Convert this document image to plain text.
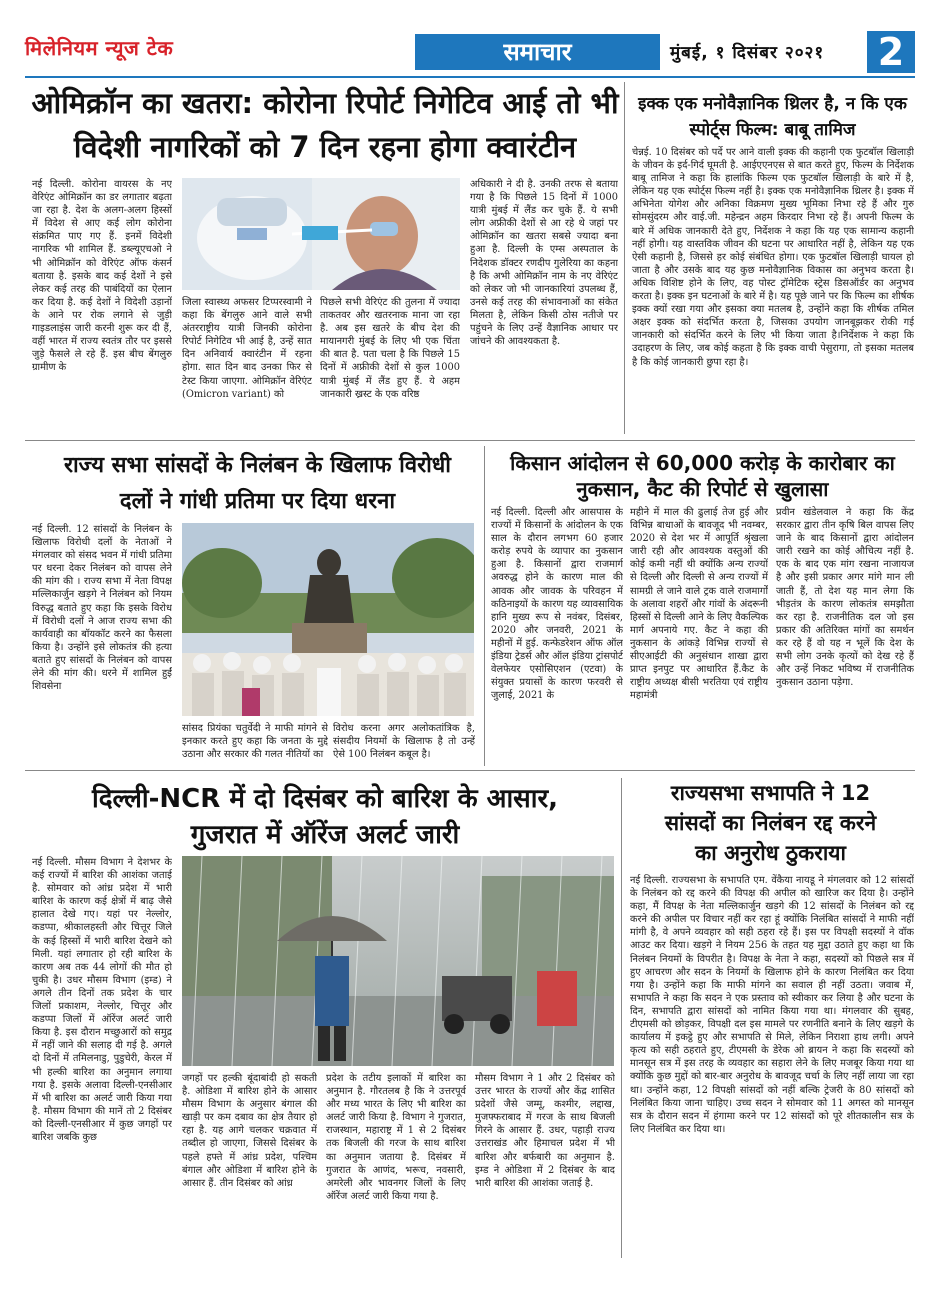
मिलेनियम न्यूज टेक	समाचार	मुंबई, १ दिसंबर २०२१ 2
ओमिक्रॉन का खतरा: कोरोना रिपोर्ट निगेटिव आई तो भी
विदेशी नागरिकों को 7 दिन रहना होगा क्वारंटीन
नई दिल्ली. कोरोना वायरस के नए वेरिएंट ओमिक्रॉन का डर लगातार बढ़ता जा रहा है. देश के अलग-अलग हिस्सों में विदेश से आए कई लोग कोरोना संक्रमित पाए गए हैं. इनमें विदेशी नागरिक भी शामिल हैं. डब्ल्यूएचओ ने भी ओमिक्रॉन को वेरिएंट ऑफ कंसर्न बताया है. इसके बाद कई देशों ने इसे लेकर कई तरह की पाबंदियों का ऐलान कर दिया है. कई देशों ने विदेशी उड़ानों के आने पर रोक लगाने से जुड़ी गाइडलाइंस जारी करनी शुरू कर दी हैं, वहीं भारत में राज्य स्वतंत्र तौर पर इससे जुड़े फैसले ले रहे हैं. इस बीच बेंगलुरु ग्रामीण के
जिला स्वास्थ्य अफसर टिप्परस्वामी ने कहा कि बेंगलुरु आने वाले सभी अंतरराष्ट्रीय यात्री जिनकी कोरोना रिपोर्ट निगेटिव भी आई है, उन्हें सात दिन अनिवार्य क्वारंटीन में रहना होगा. सात दिन बाद उनका फिर से टेस्ट किया जाएगा. ओमिक्रॉन वेरिएंट (Omicron variant) को
पिछले सभी वेरिएंट की तुलना में ज्यादा ताकतवर और खतरनाक माना जा रहा है. अब इस खतरे के बीच देश की मायानगरी मुंबई के लिए भी एक चिंता की बात है. पता चला है कि पिछले 15 दिनों में अफ्रीकी देशों से कुल 1000 यात्री मुंबई में लैंड हुए हैं. ये अहम जानकारी ख्रस्ट के एक वरिष्ठ
अधिकारी ने दी है. उनकी तरफ से बताया गया है कि पिछले 15 दिनों में 1000 यात्री मुंबई में लैंड कर चुके हैं. ये सभी लोग अफ्रीकी देशों से आ रहे थे जहां पर ओमिक्रॉन का खतरा सबसे ज्यादा बना हुआ है. दिल्ली के एम्स अस्पताल के निदेशक डॉक्टर रणदीप गुलेरिया का कहना है कि अभी ओमिक्रॉन नाम के नए वेरिएंट को लेकर जो भी जानकारियां उपलब्ध हैं, उनसे कई तरह की संभावनाओं का संकेत मिलता है, लेकिन किसी ठोस नतीजे पर पहुंचने के लिए उन्हें वैज्ञानिक आधार पर जांचने की आवश्यकता है.
इक्क एक मनोवैज्ञानिक थ्रिलर है, न कि एक
स्पोर्ट्स फिल्म: बाबू तामिज
चेन्नई. 10 दिसंबर को पर्दे पर आने वाली इक्क की कहानी एक फुटबॉल खिलाड़ी के जीवन के इर्द-गिर्द घूमती है. आईएएनएस से बात करते हुए, फिल्म के निर्देशक बाबू तामिज ने कहा कि हालांकि फिल्म एक फुटबॉल खिलाड़ी के बारे में है, लेकिन यह एक स्पोर्ट्स फिल्म नहीं है। इक्क एक मनोवैज्ञानिक थ्रिलर है। इक्क में अभिनेता योगेश और अनिका विक्रमण मुख्य भूमिका निभा रहे हैं और गुरु सोमसुंदरम और वाई.जी. महेन्द्रन अहम किरदार निभा रहे हैं। अपनी फिल्म के बारे में अधिक जानकारी देते हुए, निर्देशक ने कहा कि यह एक सामान्य कहानी नहीं होगी। यह वास्तविक जीवन की घटना पर आधारित नहीं है, लेकिन यह एक ऐसी कहानी है, जिससे हर कोई संबंधित होगा। एक फुटबॉल खिलाड़ी घायल हो जाता है और उसके बाद यह कुछ मनोवैज्ञानिक विकास का अनुभव करता है। अधिक विशिष्ट होने के लिए, वह पोस्ट ट्रॉमेटिक स्ट्रेस डिसऑर्डर का अनुभव करता है। इक्क इन घटनाओं के बारे में है। यह पूछे जाने पर कि फिल्म का शीर्षक इक्क क्यों रखा गया और इसका क्या मतलब है, उन्होंने कहा कि शीर्षक तमिल अक्षर इक्क को संदर्भित करता है, जिसका उपयोग जानबूझकर रोकी गई जानकारी को संदर्भित करने के लिए भी किया जाता है।निर्देशक ने कहा कि उदाहरण के लिए, जब कोई कहता है कि इक्क वाची पेसुरागा, तो इसका मतलब है कि कोई जानकारी छुपा रहा है।
राज्य सभा सांसदों के निलंबन के खिलाफ विरोधी
दलों ने गांधी प्रतिमा पर दिया धरना
नई दिल्ली. 12 सांसदों के निलंबन के खिलाफ विरोधी दलों के नेताओं ने मंगलवार को संसद भवन में गांधी प्रतिमा पर धरना देकर निलंबन को वापस लेने की मांग की । राज्य सभा में नेता विपक्ष मल्लिकार्जुन खड़गे ने निलंबन को नियम विरुद्ध बताते हुए कहा कि इसके विरोध में विरोधी दलों ने आज राज्य सभा की कार्यवाही का बॉयकॉट करने का फैसला किया है। उन्होंने इसे लोकतंत्र की हत्या बताते हुए सांसदों के निलंबन को वापस लेने की मांग की। धरने में शामिल हुईं शिवसेना
सांसद प्रियंका चतुर्वेदी ने माफी मांगने से इनकार करते हुए कहा कि जनता के मुद्दे उठाना और सरकार की गलत नीतियों का
विरोध करना अगर अलोकतांत्रिक है, संसदीय नियमों के खिलाफ है तो उन्हें ऐसे 100 निलंबन कबूल है।
किसान आंदोलन से 60,000 करोड़ के कारोबार का
नुकसान, कैट की रिपोर्ट से खुलासा
नई दिल्ली. दिल्ली और आसपास के राज्यों में किसानों के आंदोलन के एक साल के दौरान लगभग 60 हजार करोड़ रुपये के व्यापार का नुकसान हुआ है. किसानों द्वारा राजमार्ग अवरुद्ध होने के कारण माल की आवक और जावक के परिवहन में कठिनाइयों के कारण यह व्यावसायिक हानि मुख्य रूप से नवंबर, दिसंबर, 2020 और जनवरी, 2021 के महीनों में हुई. कन्फेडरेशन ऑफ ऑल इंडिया ट्रेडर्स और ऑल इंडिया ट्रांसपोर्ट वेलफेयर एसोसिएशन (एटवा) के संयुक्त प्रयासों के कारण फरवरी से जुलाई, 2021 के
महीने में माल की ढुलाई तेज हुई और विभिन्न बाधाओं के बावजूद भी नवम्बर, 2020 से देश भर में आपूर्ति श्रृंखला जारी रही और आवश्यक वस्तुओं की कोई कमी नहीं थी क्योंकि अन्य राज्यों से दिल्ली और दिल्ली से अन्य राज्यों में सामग्री ले जाने वाले ट्रक वाले राजमार्गों के अलावा शहरों और गांवों के अंदरूनी हिस्सों से दिल्ली आने के लिए वैकल्पिक मार्ग अपनाये गए. कैट ने कहा की नुकसान के आंकड़े विभिन्न राज्यों से सीएआईटी की अनुसंधान शाखा द्वारा प्राप्त इनपुट पर आधारित हैं.कैट के राष्ट्रीय अध्यक्ष बीसी भरतिया एवं राष्ट्रीय महामंत्री
प्रवीन खंडेलवाल ने कहा कि केंद्र सरकार द्वारा तीन कृषि बिल वापस लिए जाने के बाद किसानों द्वारा आंदोलन जारी रखने का कोई औचित्य नहीं है. एक के बाद एक मांग रखना नाजायज है और इसी प्रकार अगर मांगे मान ली जाती हैं, तो देश यह मान लेगा कि भीड़तंत्र के कारण लोकतंत्र समझौता कर रहा है. राजनीतिक दल जो इस प्रकार की अतिरिक्त मांगों का समर्थन कर रहे हैं वो यह न भूलें कि देश के सभी लोग उनके कृत्यों को देख रहे हैं और उन्हें निकट भविष्य में राजनीतिक नुकसान उठाना पड़ेगा.
दिल्ली-NCR में दो दिसंबर को बारिश के आसार,
गुजरात में ऑरेंज अलर्ट जारी
नई दिल्ली. मौसम विभाग ने देशभर के कई राज्यों में बारिश की आशंका जताई है. सोमवार को आंध्र प्रदेश में भारी बारिश के कारण कई क्षेत्रों में बाढ़ जैसे हालात देखे गए। यहां पर नेल्लोर, कडप्पा, श्रीकालहस्ती और चित्तूर जिले के कई हिस्सों में भारी बारिश देखने को मिली. यहां लगातार हो रही बारिश के कारण अब तक 44 लोगों की मौत हो चुकी है। उधर मौसम विभाग (इम्ड) ने अगले तीन दिनों तक प्रदेश के चार जिलों प्रकाशम, नेल्लोर, चित्तूर और कडप्पा जिलों में ऑरेंज अलर्ट जारी किया है. इस दौरान मच्छुआरों को समुद्र में नहीं जाने की सलाह दी गई है. अगले दो दिनों में तमिलनाडु, पुडुचेरी, केरल में भी हल्की बारिश का अनुमान लगाया गया है. इसके अलावा दिल्ली-एनसीआर में भी बारिश का अलर्ट जारी किया गया है. मौसम विभाग की मानें तो 2 दिसंबर को दिल्ली-एनसीआर में कुछ जगहों पर बारिश जबकि कुछ
जगहों पर हल्की बूंदाबांदी हो सकती है. ओडिशा में बारिश होने के आसार मौसम विभाग के अनुसार बंगाल की खाड़ी पर कम दबाव का क्षेत्र तैयार हो रहा है. यह आगे चलकर चक्रवात में तब्दील हो जाएगा, जिससे दिसंबर के पहले हफ्ते में आंध्र प्रदेश, पश्चिम बंगाल और ओडिशा में बारिश होने के आसार हैं. तीन दिसंबर को आंध्र
प्रदेश के तटीय इलाकों में बारिश का अनुमान है. गौरतलब है कि ने उत्तरपूर्व और मध्य भारत के लिए भी बारिश का अलर्ट जारी किया है. विभाग ने गुजरात, राजस्थान, महाराष्ट्र में 1 से 2 दिसंबर तक बिजली की गरज के साथ बारिश का अनुमान जताया है. दिसंबर में गुजरात के आणंद, भरूच, नवसारी, अमरेली और भावनगर जिलों के लिए ऑरेंज अलर्ट जारी किया गया है.
मौसम विभाग ने 1 और 2 दिसंबर को उत्तर भारत के राज्यों और केंद्र शासित प्रदेशों जैसे जम्मू, कश्मीर, लद्दाख, मुजफ्फराबाद में गरज के साथ बिजली गिरने के आसार हैं. उधर, पहाड़ी राज्य उत्तराखंड और हिमाचल प्रदेश में भी बारिश और बर्फबारी का अनुमान है. इम्ड ने ओडिशा में 2 दिसंबर के बाद भारी बारिश की आशंका जताई है.
राज्यसभा सभापति ने 12
सांसदों का निलंबन रद्द करने
का अनुरोध ठुकराया
नई दिल्ली. राज्यसभा के सभापति एम. वेंकैया नायडू ने मंगलवार को 12 सांसदों के निलंबन को रद्द करने की विपक्ष की अपील को खारिज कर दिया है। उन्होंने कहा, मैं विपक्ष के नेता मल्लिकार्जुन खड़गे की 12 सांसदों के निलंबन को रद्द करने की अपील पर विचार नहीं कर रहा हूं क्योंकि निलंबित सांसदों ने माफी नहीं मांगी है, वे अपने व्यवहार को सही ठहरा रहे हैं। इस पर विपक्षी सदस्यों ने वॉक आउट कर दिया। खड़गे ने नियम 256 के तहत यह मुद्दा उठाते हुए कहा था कि निलंबन नियमों के विपरीत है। विपक्ष के नेता ने कहा, सदस्यों को पिछले सत्र में हुए आचरण और सदन के नियमों के खिलाफ होने के कारण निलंबित कर दिया गया है। उन्होंने कहा कि माफी मांगने का सवाल ही नहीं उठता। जवाब में, सभापति ने कहा कि सदन ने एक प्रस्ताव को स्वीकार कर लिया है और घटना के दिन, सभापति द्वारा सांसदों को नामित किया गया था। मंगलवार की सुबह, टीएमसी को छोड़कर, विपक्षी दल इस मामले पर रणनीति बनाने के लिए खड़गे के कार्यालय में इकट्ठे हुए और सभापति से मिले, लेकिन निराशा हाथ लगी। अपने कृत्य को सही ठहराते हुए, टीएमसी के डेरेक ओ ब्रायन ने कहा कि सदस्यों को मानसून सत्र में इस तरह के व्यवहार का सहारा लेने के लिए मजबूर किया गया था क्योंकि कुछ मुद्दों को बार-बार अनुरोध के बावजूद चर्चा के लिए नहीं लाया जा रहा था। उन्होंने कहा, 12 विपक्षी सांसदों को नहीं बल्कि ट्रेजरी के 80 सांसदों को निलंबित किया जाना चाहिए। उच्च सदन ने सोमवार को 11 अगस्त को मानसून सत्र के दौरान सदन में हंगामा करने पर 12 सांसदों को पूरे शीतकालीन सत्र के लिए निलंबित कर दिया था।
